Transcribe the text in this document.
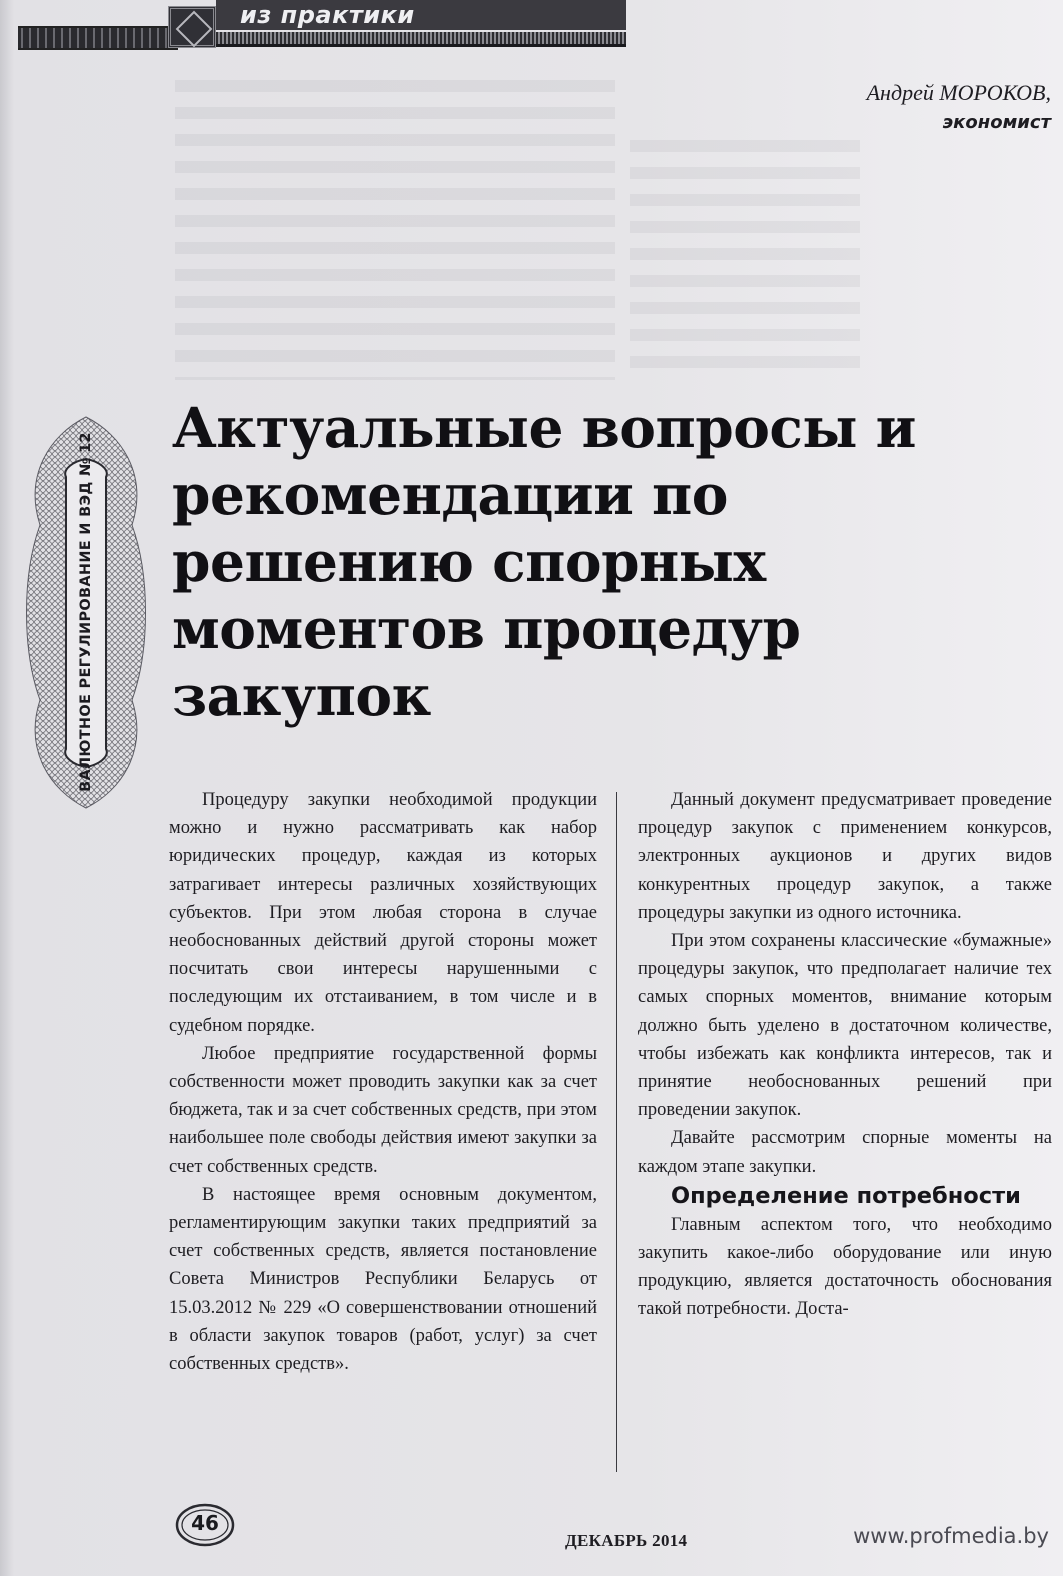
из практики
Андрей МОРОКОВ,
экономист
ВАЛЮТНОЕ РЕГУЛИРОВАНИЕ И ВЭД № 12
Актуальные вопросы и рекомендации по решению спорных моментов процедур закупок

Процедуру закупки необходимой продукции можно и нужно рассматривать как набор юридических процедур, каждая из которых затрагивает интересы различных хозяйствующих субъектов. При этом любая сторона в случае необоснованных действий другой стороны может посчитать свои интересы нарушенными с последующим их отстаиванием, в том числе и в судебном порядке.

Любое предприятие государственной формы собственности может проводить закупки как за счет бюджета, так и за счет собственных средств, при этом наибольшее поле свободы действия имеют закупки за счет собственных средств.

В настоящее время основным документом, регламентирующим закупки таких предприятий за счет собственных средств, является постановление Совета Министров Республики Беларусь от 15.03.2012 № 229 «О совершенствовании отношений в области закупок товаров (работ, услуг) за счет собственных средств».

Данный документ предусматривает проведение процедур закупок с применением конкурсов, электронных аукционов и других видов конкурентных процедур закупок, а также процедуры закупки из одного источника.

При этом сохранены классические «бумажные» процедуры закупок, что предполагает наличие тех самых спорных моментов, внимание которым должно быть уделено в достаточном количестве, чтобы избежать как конфликта интересов, так и принятие необоснованных решений при проведении закупок.

Давайте рассмотрим спорные моменты на каждом этапе закупки.

Определение потребности

Главным аспектом того, что необходимо закупить какое-либо оборудование или иную продукцию, является достаточность обоснования такой потребности. Доста-

46
ДЕКАБРЬ 2014	www.profmedia.by
